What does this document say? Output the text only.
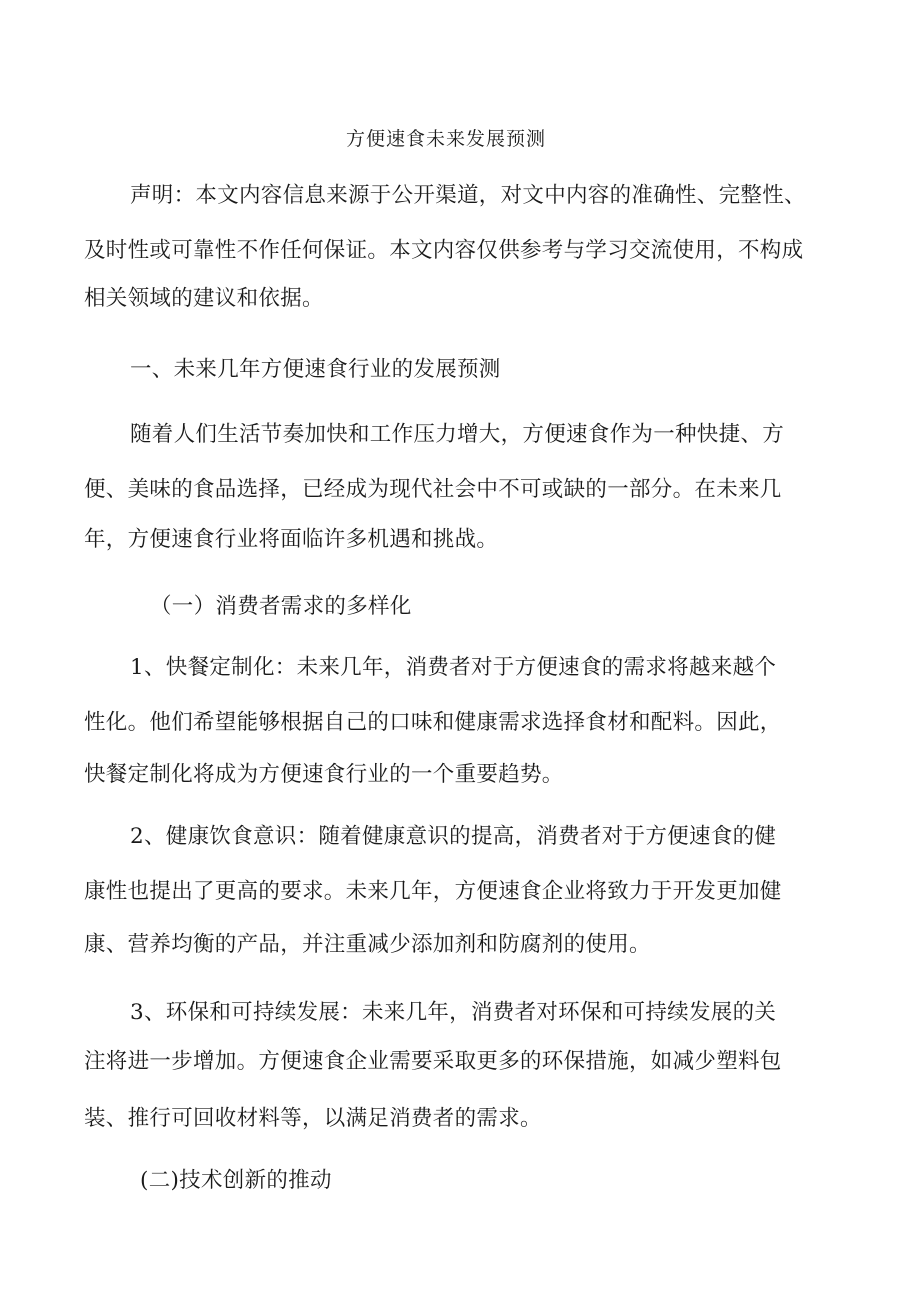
方便速食未来发展预测
声明：本文内容信息来源于公开渠道，对文中内容的准确性、完整性、
及时性或可靠性不作任何保证。本文内容仅供参考与学习交流使用，不构成
相关领域的建议和依据。
一、未来几年方便速食行业的发展预测
随着人们生活节奏加快和工作压力增大，方便速食作为一种快捷、方
便、美味的食品选择，已经成为现代社会中不可或缺的一部分。在未来几
年，方便速食行业将面临许多机遇和挑战。
（一）消费者需求的多样化
1、快餐定制化：未来几年，消费者对于方便速食的需求将越来越个
性化。他们希望能够根据自己的口味和健康需求选择食材和配料。因此，
快餐定制化将成为方便速食行业的一个重要趋势。
2、健康饮食意识：随着健康意识的提高，消费者对于方便速食的健
康性也提出了更高的要求。未来几年，方便速食企业将致力于开发更加健
康、营养均衡的产品，并注重减少添加剂和防腐剂的使用。
3、环保和可持续发展：未来几年，消费者对环保和可持续发展的关
注将进一步增加。方便速食企业需要采取更多的环保措施，如减少塑料包
装、推行可回收材料等，以满足消费者的需求。
(二)技术创新的推动
